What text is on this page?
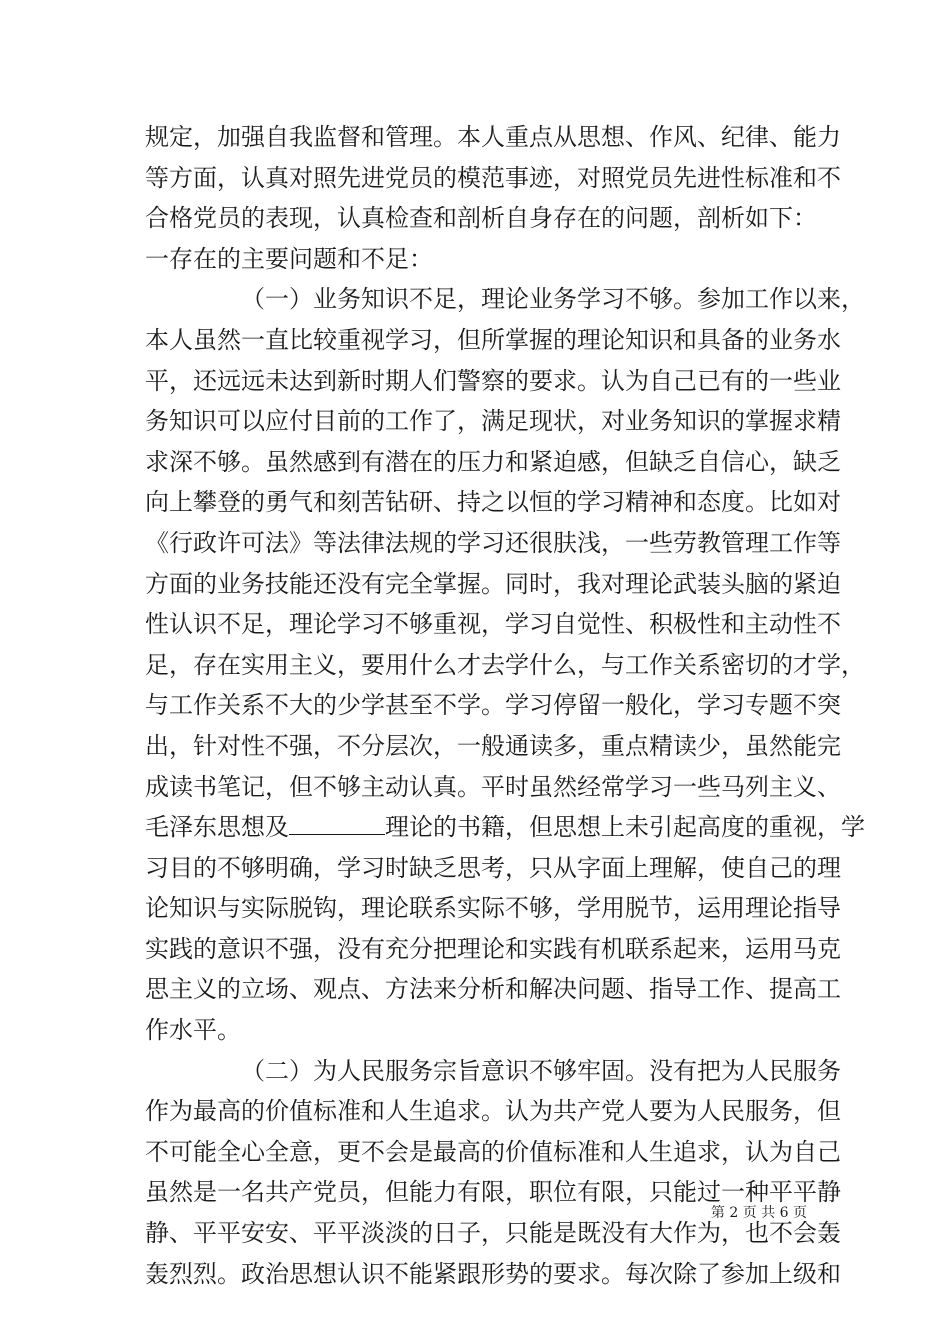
规定，加强自我监督和管理。本人重点从思想、作风、纪律、能力
等方面，认真对照先进党员的模范事迹，对照党员先进性标准和不
合格党员的表现，认真检查和剖析自身存在的问题，剖析如下：

一存在的主要问题和不足：

（一）业务知识不足，理论业务学习不够。参加工作以来，
本人虽然一直比较重视学习，但所掌握的理论知识和具备的业务水
平，还远远未达到新时期人们警察的要求。认为自己已有的一些业
务知识可以应付目前的工作了，满足现状，对业务知识的掌握求精
求深不够。虽然感到有潜在的压力和紧迫感，但缺乏自信心，缺乏
向上攀登的勇气和刻苦钻研、持之以恒的学习精神和态度。比如对
《行政许可法》等法律法规的学习还很肤浅，一些劳教管理工作等
方面的业务技能还没有完全掌握。同时，我对理论武装头脑的紧迫
性认识不足，理论学习不够重视，学习自觉性、积极性和主动性不
足，存在实用主义，要用什么才去学什么，与工作关系密切的才学，
与工作关系不大的少学甚至不学。学习停留一般化，学习专题不突
出，针对性不强，不分层次，一般通读多，重点精读少，虽然能完
成读书笔记，但不够主动认真。平时虽然经常学习一些马列主义、
毛泽东思想及	理论的书籍，但思想上未引起高度的重视，学
习目的不够明确，学习时缺乏思考，只从字面上理解，使自己的理
论知识与实际脱钩，理论联系实际不够，学用脱节，运用理论指导
实践的意识不强，没有充分把理论和实践有机联系起来，运用马克
思主义的立场、观点、方法来分析和解决问题、指导工作、提高工
作水平。

（二）为人民服务宗旨意识不够牢固。没有把为人民服务
作为最高的价值标准和人生追求。认为共产党人要为人民服务，但
不可能全心全意，更不会是最高的价值标准和人生追求，认为自己
虽然是一名共产党员，但能力有限，职位有限，只能过一种平平静
静、平平安安、平平淡淡的日子，只能是既没有大作为，也不会轰
轰烈烈。政治思想认识不能紧跟形势的要求。每次除了参加上级和

第 2 页 共 6 页
